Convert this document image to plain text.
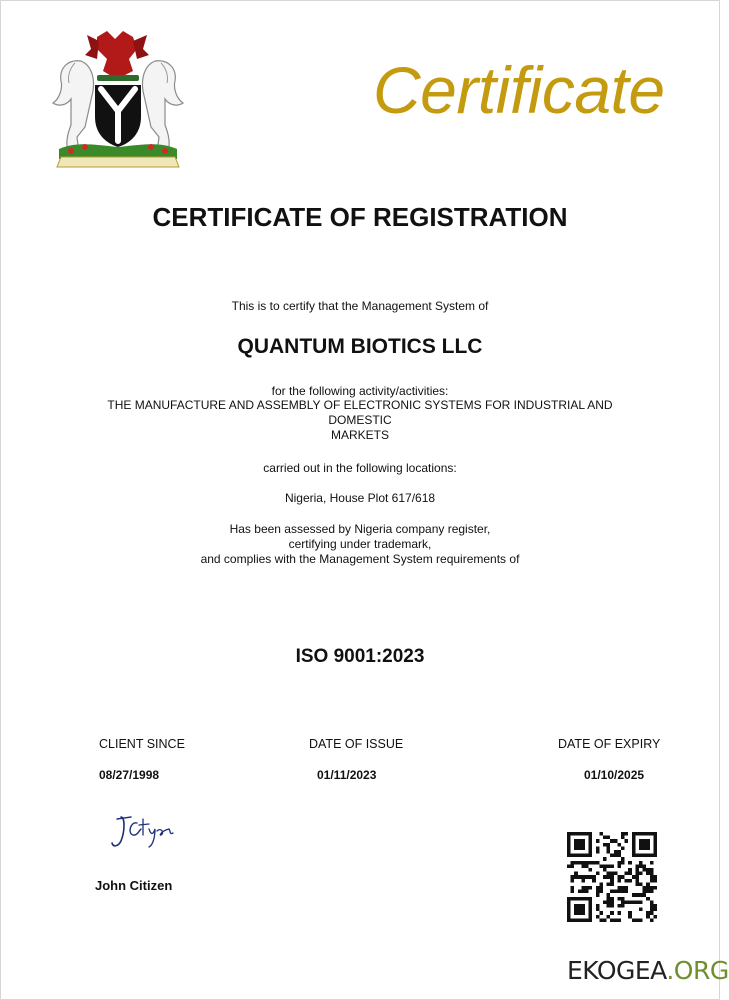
Certificate
CERTIFICATE OF REGISTRATION
This is to certify that the Management System of
QUANTUM BIOTICS LLC
for the following activity/activities:
THE MANUFACTURE AND ASSEMBLY OF ELECTRONIC SYSTEMS FOR INDUSTRIAL AND
DOMESTIC
MARKETS
carried out in the following locations:
Nigeria, House Plot 617/618
Has been assessed by Nigeria company register,
certifying under trademark,
and complies with the Management System requirements of
ISO 9001:2023
CLIENT SINCE	DATE OF ISSUE	DATE OF EXPIRY
08/27/1998	01/11/2023	01/10/2025
John Citizen
EKOGEA.ORG
